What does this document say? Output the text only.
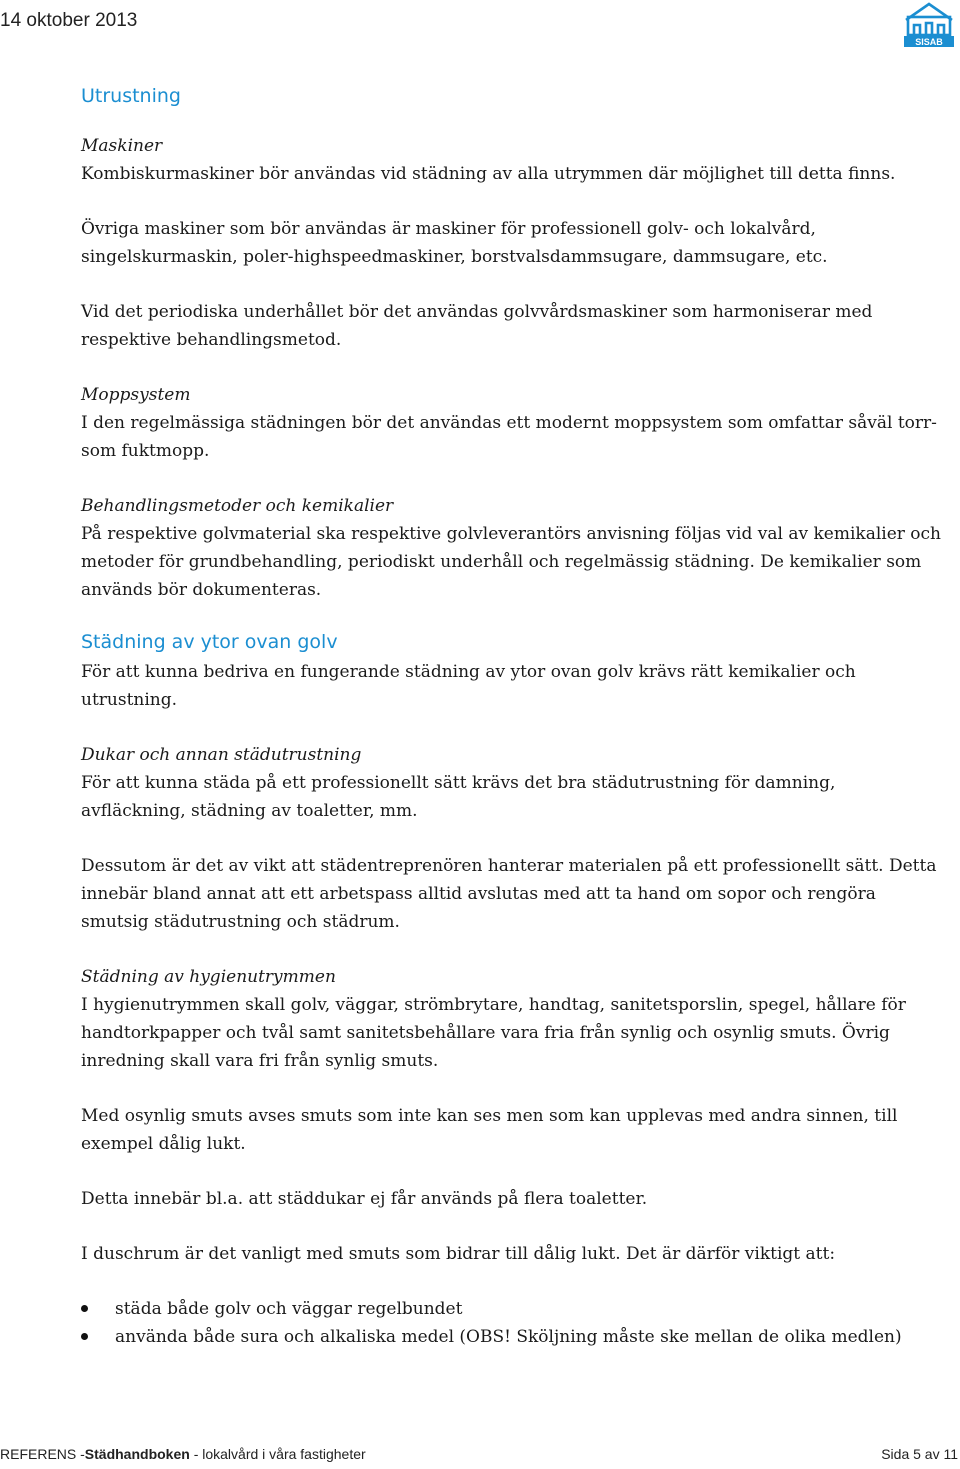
14 oktober 2013
SISAB
Utrustning

Maskiner

Kombiskurmaskiner bör användas vid städning av alla utrymmen där möjlighet till detta finns.

Övriga maskiner som bör användas är maskiner för professionell golv- och lokalvård, singelskurmaskin, poler-highspeedmaskiner, borstvalsdammsugare, dammsugare, etc.

Vid det periodiska underhållet bör det användas golvvårdsmaskiner som harmoniserar med respektive behandlingsmetod.

Moppsystem

I den regelmässiga städningen bör det användas ett modernt moppsystem som omfattar såväl torr- som fuktmopp.

Behandlingsmetoder och kemikalier

På respektive golvmaterial ska respektive golvleverantörs anvisning följas vid val av kemikalier och metoder för grundbehandling, periodiskt underhåll och regelmässig städning. De kemikalier som används bör dokumenteras.

Städning av ytor ovan golv

För att kunna bedriva en fungerande städning av ytor ovan golv krävs rätt kemikalier och utrustning.

Dukar och annan städutrustning

För att kunna städa på ett professionellt sätt krävs det bra städutrustning för damning, avfläckning, städning av toaletter, mm.

Dessutom är det av vikt att städentreprenören hanterar materialen på ett professionellt sätt. Detta innebär bland annat att ett arbetspass alltid avslutas med att ta hand om sopor och rengöra smutsig städutrustning och städrum.

Städning av hygienutrymmen

I hygienutrymmen skall golv, väggar, strömbrytare, handtag, sanitetsporslin, spegel, hållare för handtorkpapper och tvål samt sanitetsbehållare vara fria från synlig och osynlig smuts. Övrig inredning skall vara fri från synlig smuts.

Med osynlig smuts avses smuts som inte kan ses men som kan upplevas med andra sinnen, till exempel dålig lukt.

Detta innebär bl.a. att städdukar ej får används på flera toaletter.

I duschrum är det vanligt med smuts som bidrar till dålig lukt. Det är därför viktigt att:

städa både golv och väggar regelbundet
använda både sura och alkaliska medel (OBS! Sköljning måste ske mellan de olika medlen)
REFERENS -Städhandboken - lokalvård i våra fastigheter	Sida 5 av 11
